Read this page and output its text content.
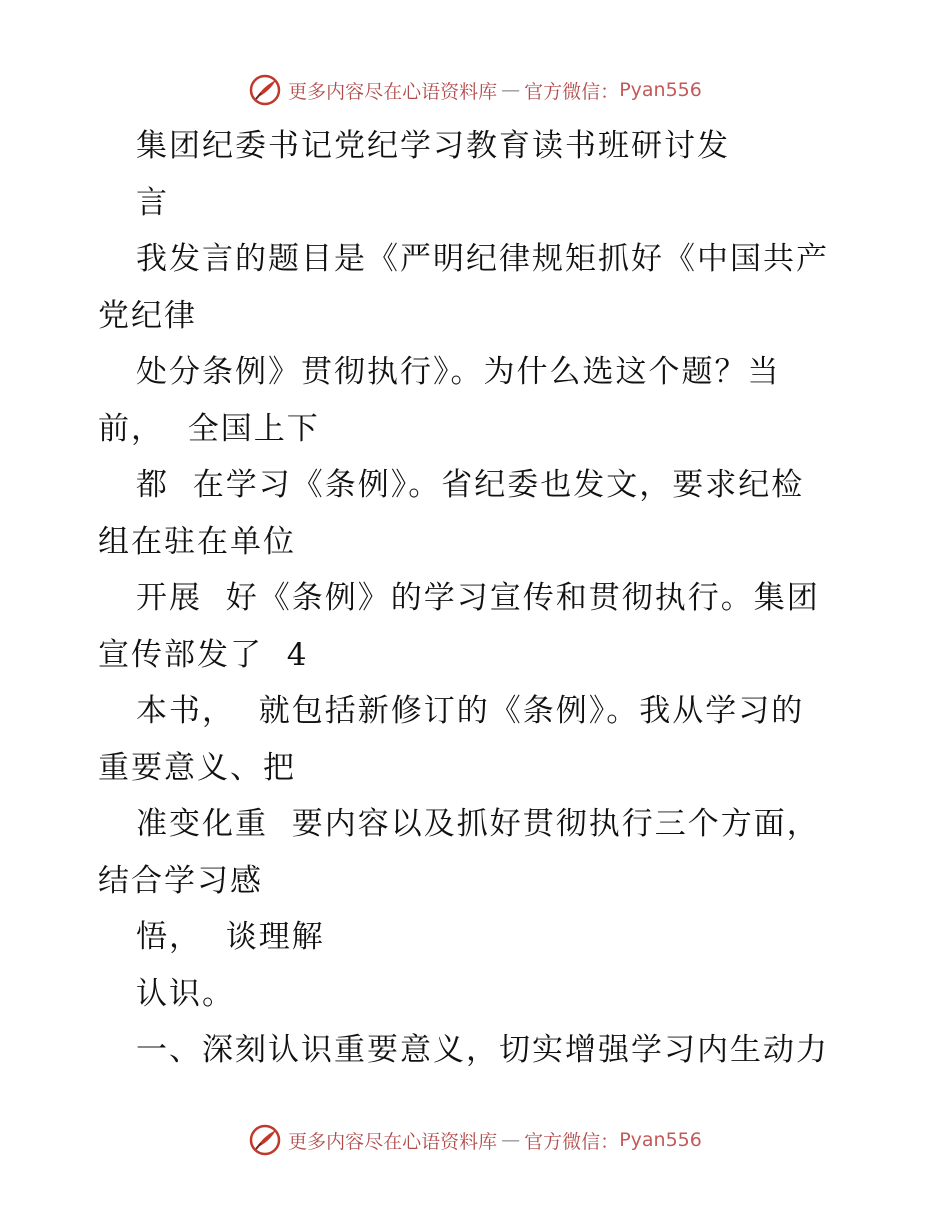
更多内容尽在心语资料库 — 官方微信： Pyan556
集团纪委书记党纪学习教育读书班研讨发
言
我发言的题目是《严明纪律规矩抓好《中国共产
党纪律
处分条例》贯彻执行》。为什么选这个题？当
前，  全国上下
都  在学习《条例》。省纪委也发文，要求纪检
组在驻在单位
开展  好《条例》的学习宣传和贯彻执行。集团
宣传部发了  4
本书，  就包括新修订的《条例》。我从学习的
重要意义、把
准变化重  要内容以及抓好贯彻执行三个方面，
结合学习感
悟，  谈理解
认识。
一、深刻认识重要意义，切实增强学习内生动力
更多内容尽在心语资料库 — 官方微信： Pyan556
